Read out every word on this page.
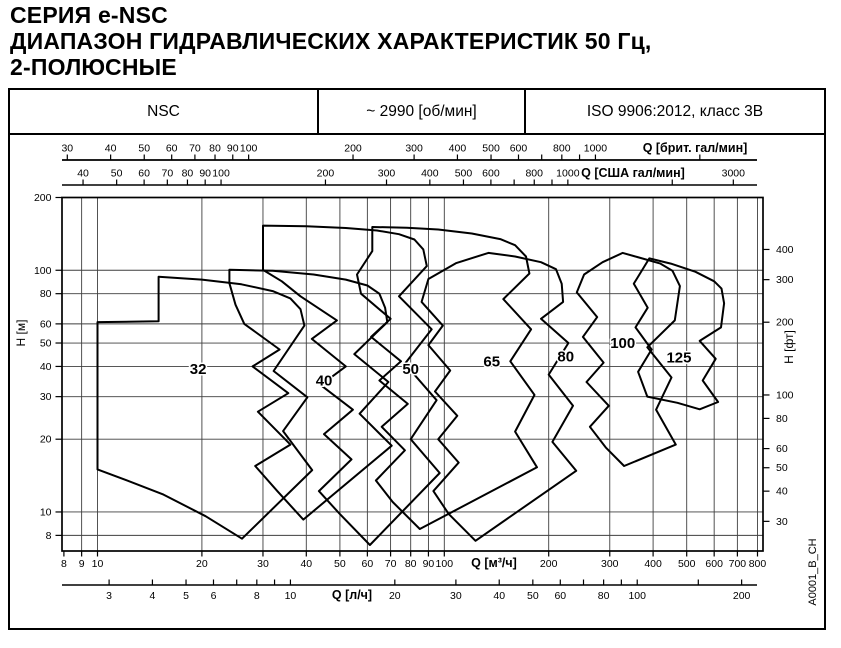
СЕРИЯ e-NSC
ДИАПАЗОН ГИДРАВЛИЧЕСКИХ ХАРАКТЕРИСТИК 50 Гц,
2-ПОЛЮСНЫЕ
NSC	~ 2990 [об/мин]	ISO 9906:2012, класс 3В
32
40
50	65	80
100
125
30	40 50 60 70 80 90 100	200	300 400 500 600 800 1000	Q [брит. гал/мин]
40 50 60 70 80 90 100	200	300 400 500 600 800 1000	3000
Q [США гал/мин]
8 9 10	20	30	40 50 60 70 80 90 100	200	300 400 500 600 700 800
Q [м³/ч]
3	4	5 6	8 10	20	30	40 50 60	80 100	200
Q [л/ч]
200
100
80
60
50
40
30
20
10
8
H [м]
400
300
200
100
80
60
50
40
30
H [фт]
A0001_B_CH
